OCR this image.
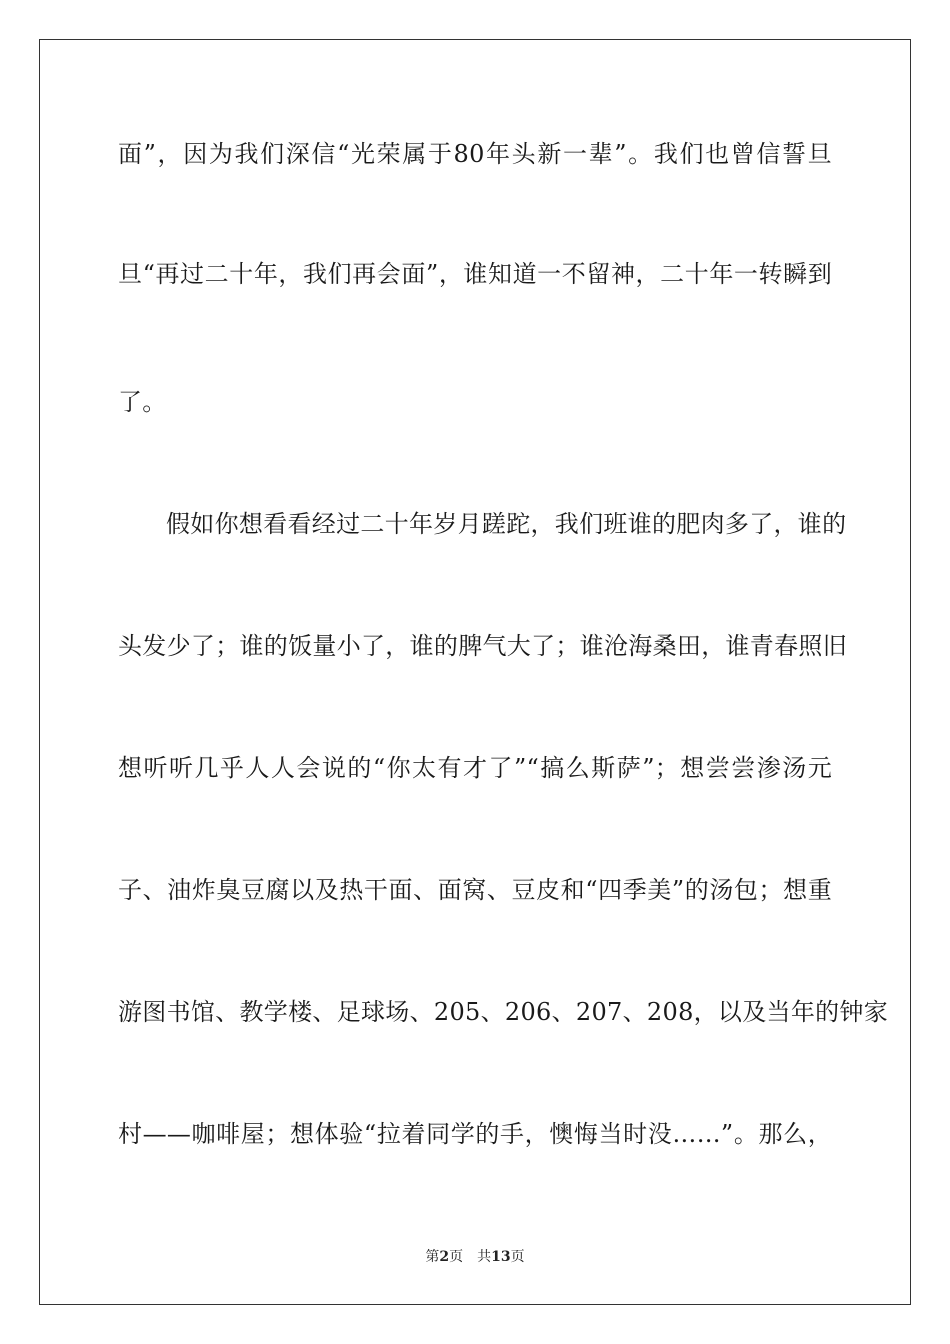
面”，因为我们深信“光荣属于80年头新一辈”。我们也曾信誓旦
旦“再过二十年，我们再会面”，谁知道一不留神，二十年一转瞬到
了。
假如你想看看经过二十年岁月蹉跎，我们班谁的肥肉多了，谁的
头发少了；谁的饭量小了，谁的脾气大了；谁沧海桑田，谁青春照旧
想听听几乎人人会说的“你太有才了”“搞么斯萨”；想尝尝渗汤元
子、油炸臭豆腐以及热干面、面窝、豆皮和“四季美”的汤包；想重
游图书馆、教学楼、足球场、205、206、207、208，以及当年的钟家
村——咖啡屋；想体验“拉着同学的手，懊悔当时没……”。那么，
第2页 共13页
